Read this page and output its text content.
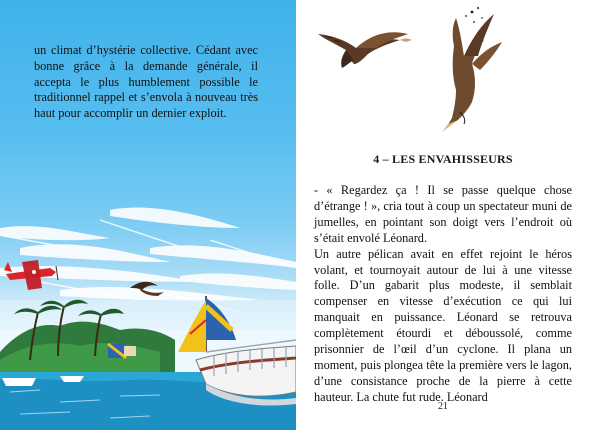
un climat d’hystérie collective. Cédant avec bonne grâce à la demande générale, il accepta le plus humblement possible le traditionnel rappel et s’envola à nouveau très haut pour accomplir un dernier exploit.
4 – LES ENVAHISSEURS

- « Regardez ça ! Il se passe quelque chose d’étrange ! », cria tout à coup un spectateur muni de jumelles, en pointant son doigt vers l’endroit où s’était envolé Léonard.

Un autre pélican avait en effet rejoint le héros volant, et tournoyait autour de lui à une vitesse folle. D’un gabarit plus modeste, il semblait compenser en vitesse d’exécution ce qui lui manquait en puissance. Léonard se retrouva complètement étourdi et déboussolé, comme prisonnier de l’œil d’un cyclone. Il plana un moment, puis plongea tête la première vers le lagon, d’une consistance proche de la pierre à cette hauteur. La chute fut rude. Léonard

21
